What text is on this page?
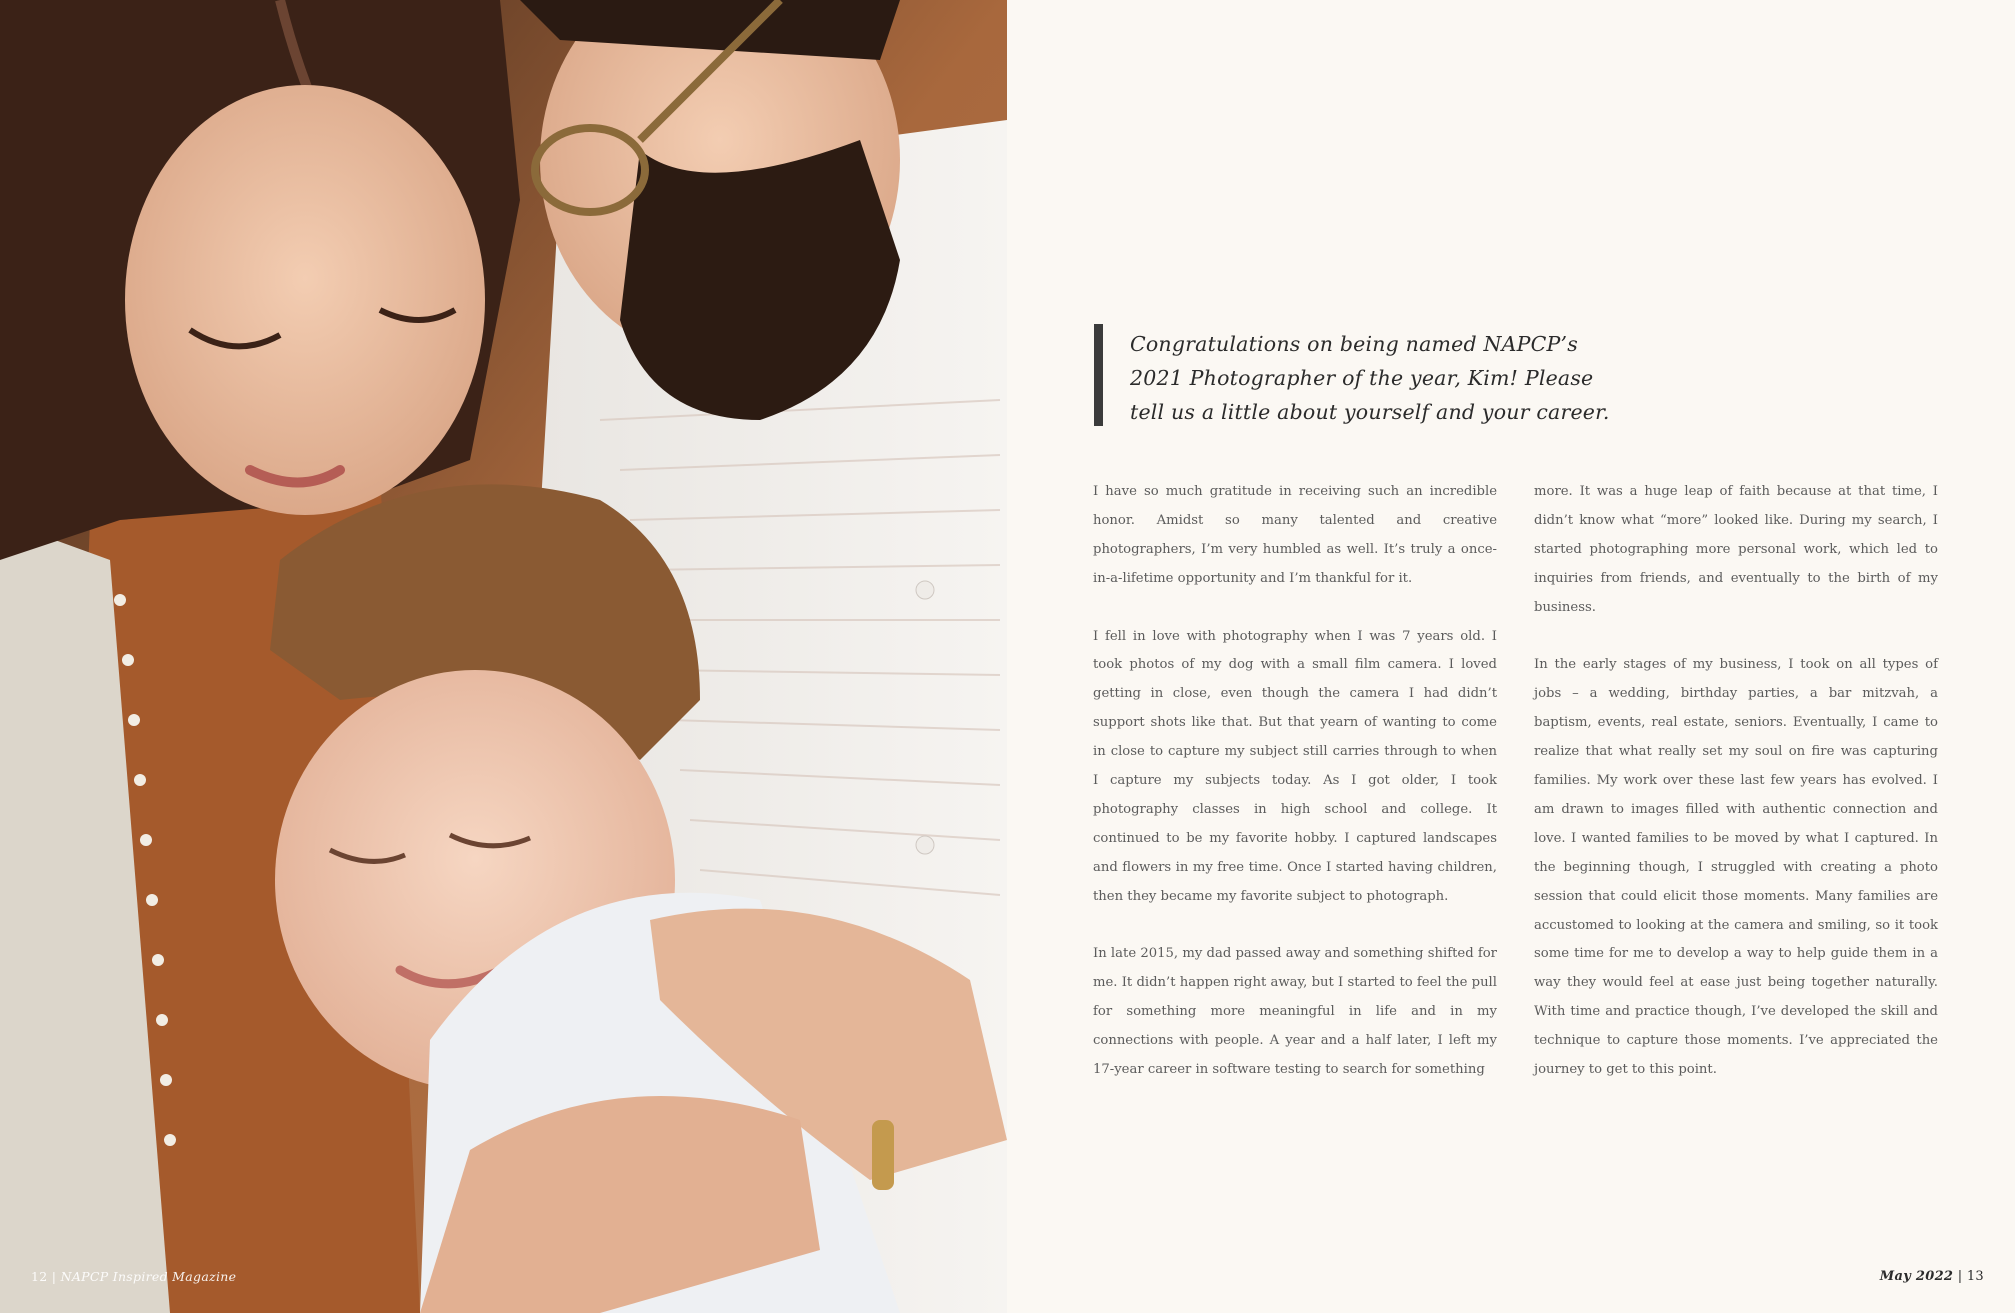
12 | NAPCP Inspired Magazine

Congratulations on being named NAPCP’s 2021 Photographer of the year, Kim! Please tell us a little about yourself and your career.

I have so much gratitude in receiving such an incredible honor. Amidst so many talented and creative photographers, I’m very humbled as well. It’s truly a once-in-a-lifetime opportunity and I’m thankful for it.

I fell in love with photography when I was 7 years old. I took photos of my dog with a small film camera. I loved getting in close, even though the camera I had didn’t support shots like that. But that yearn of wanting to come in close to capture my subject still carries through to when I capture my subjects today. As I got older, I took photography classes in high school and college. It continued to be my favorite hobby. I captured landscapes and flowers in my free time. Once I started having children, then they became my favorite subject to photograph.

In late 2015, my dad passed away and something shifted for me. It didn’t happen right away, but I started to feel the pull for something more meaningful in life and in my connections with people. A year and a half later, I left my 17-year career in software testing to search for something

more. It was a huge leap of faith because at that time, I didn’t know what “more” looked like. During my search, I started photographing more personal work, which led to inquiries from friends, and eventually to the birth of my business.

In the early stages of my business, I took on all types of jobs – a wedding, birthday parties, a bar mitzvah, a baptism, events, real estate, seniors. Eventually, I came to realize that what really set my soul on fire was capturing families. My work over these last few years has evolved. I am drawn to images filled with authentic connection and love. I wanted families to be moved by what I captured. In the beginning though, I struggled with creating a photo session that could elicit those moments. Many families are accustomed to looking at the camera and smiling, so it took some time for me to develop a way to help guide them in a way they would feel at ease just being together naturally. With time and practice though, I’ve developed the skill and technique to capture those moments. I’ve appreciated the journey to get to this point.

May 2022 | 13
